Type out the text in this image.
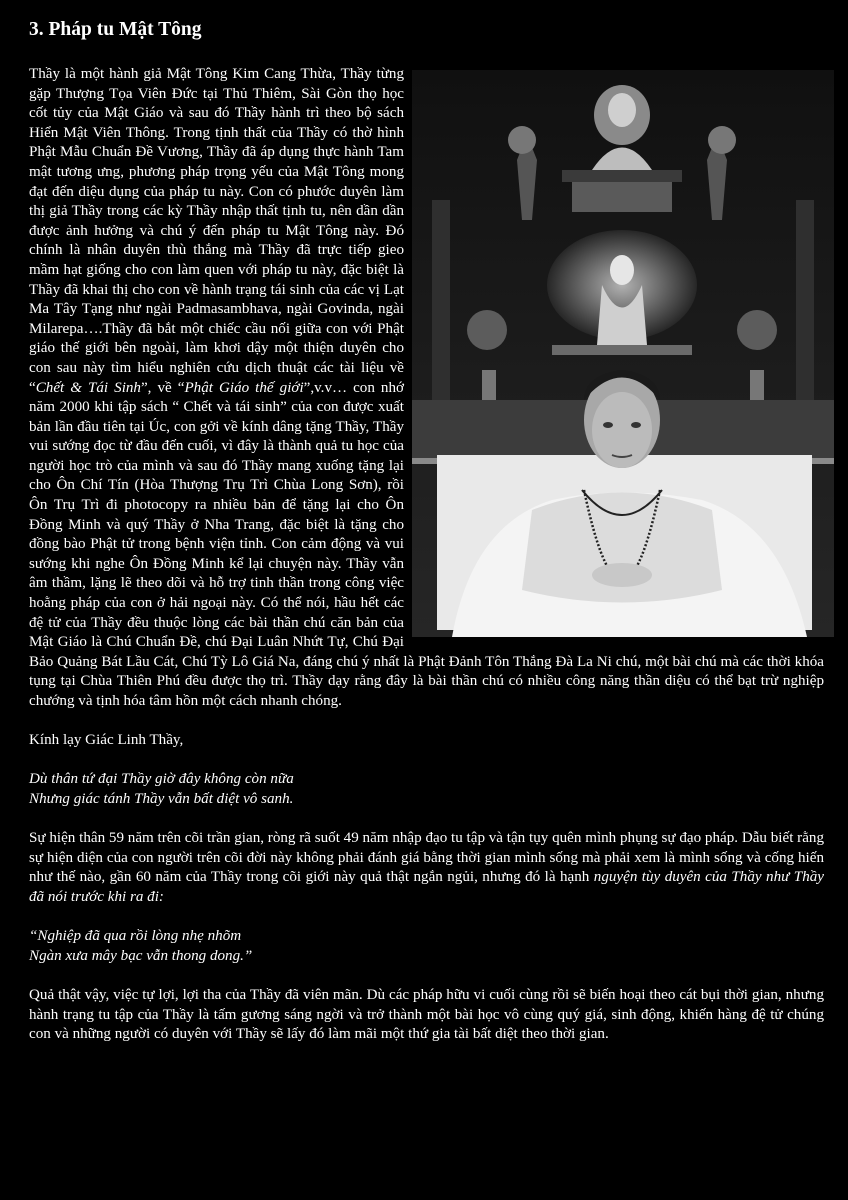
3. Pháp tu Mật Tông

Thầy là một hành giả Mật Tông Kim Cang Thừa, Thầy từng gặp Thượng Tọa Viên Đức tại Thủ Thiêm, Sài Gòn thọ học cốt tủy của Mật Giáo và sau đó Thầy hành trì theo bộ sách Hiển Mật Viên Thông. Trong tịnh thất của Thầy có thờ hình Phật Mẫu Chuẩn Đề Vương, Thầy đã áp dụng thực hành Tam mật tương ưng, phương pháp trọng yếu của Mật Tông mong đạt đến diệu dụng của pháp tu này. Con có phước duyên làm thị giả Thầy trong các kỳ Thầy nhập thất tịnh tu, nên dần dần được ảnh hưởng và chú ý đến pháp tu Mật Tông này. Đó chính là nhân duyên thù thắng mà Thầy đã trực tiếp gieo mầm hạt giống cho con làm quen với pháp tu này, đặc biệt là Thầy đã khai thị cho con về hành trạng tái sinh của các vị Lạt Ma Tây Tạng như ngài Padmasambhava, ngài Govinda, ngài Milarepa….Thầy đã bắt một chiếc cầu nối giữa con với Phật giáo thế giới bên ngoài, làm khơi dậy một thiện duyên cho con sau này tìm hiểu nghiên cứu dịch thuật các tài liệu về “Chết & Tái Sinh”, về “Phật Giáo thế giới”,v.v… con nhớ năm 2000 khi tập sách “ Chết và tái sinh” của con được xuất bản lần đầu tiên tại Úc, con gởi về kính dâng tặng Thầy, Thầy vui sướng đọc từ đầu đến cuối, vì đây là thành quả tu học của người học trò của mình và sau đó Thầy mang xuống tặng lại cho Ôn Chí Tín (Hòa Thượng Trụ Trì Chùa Long Sơn), rồi Ôn Trụ Trì đi photocopy ra nhiều bản để tặng lại cho Ôn Đồng Minh và quý Thầy ở Nha Trang, đặc biệt là tặng cho đồng bào Phật tử trong bệnh viện tỉnh. Con cảm động và vui sướng khi nghe Ôn Đồng Minh kể lại chuyện này. Thầy vẫn âm thầm, lặng lẽ theo dõi và hỗ trợ tinh thần trong công việc hoằng pháp của con ở hải ngoại này. Có thể nói, hầu hết các đệ tử của Thầy đều thuộc lòng các bài thần chú căn bản của Mật Giáo là Chú Chuẩn Đề, chú Đại Luân Nhứt Tự, Chú Đại Bảo Quảng Bát Lầu Cát, Chú Tỳ Lô Giá Na, đáng chú ý nhất là Phật Đảnh Tôn Thắng Đà La Ni chú, một bài chú mà các thời khóa tụng tại Chùa Thiên Phú đều được thọ trì. Thầy dạy rằng đây là bài thần chú có nhiều công năng thần diệu có thể bạt trừ nghiệp chướng và tịnh hóa tâm hồn một cách nhanh chóng.

Kính lạy Giác Linh Thầy,

Dù thân tứ đại Thầy giờ đây không còn nữa

Nhưng giác tánh Thầy vẫn bất diệt vô sanh.

Sự hiện thân 59 năm trên cõi trần gian, ròng rã suốt 49 năm nhập đạo tu tập và tận tụy quên mình phụng sự đạo pháp. Dẫu biết rằng sự hiện diện của con người trên cõi đời này không phải đánh giá bằng thời gian mình sống mà phải xem là mình sống và cống hiến như thế nào, gần 60 năm của Thầy trong cõi giới này quả thật ngắn ngủi, nhưng đó là hạnh nguyện tùy duyên của Thầy như Thầy đã nói trước khi ra đi:

“Nghiệp đã qua rồi lòng nhẹ nhõm

Ngàn xưa mây bạc vẫn thong dong.”

Quả thật vậy, việc tự lợi, lợi tha của Thầy đã viên mãn. Dù các pháp hữu vi cuối cùng rồi sẽ biến hoại theo cát bụi thời gian, nhưng hành trạng tu tập của Thầy là tấm gương sáng ngời và trở thành một bài học vô cùng quý giá, sinh động, khiến hàng đệ tử chúng con và những người có duyên với Thầy sẽ lấy đó làm mãi một thứ gia tài bất diệt theo thời gian.
